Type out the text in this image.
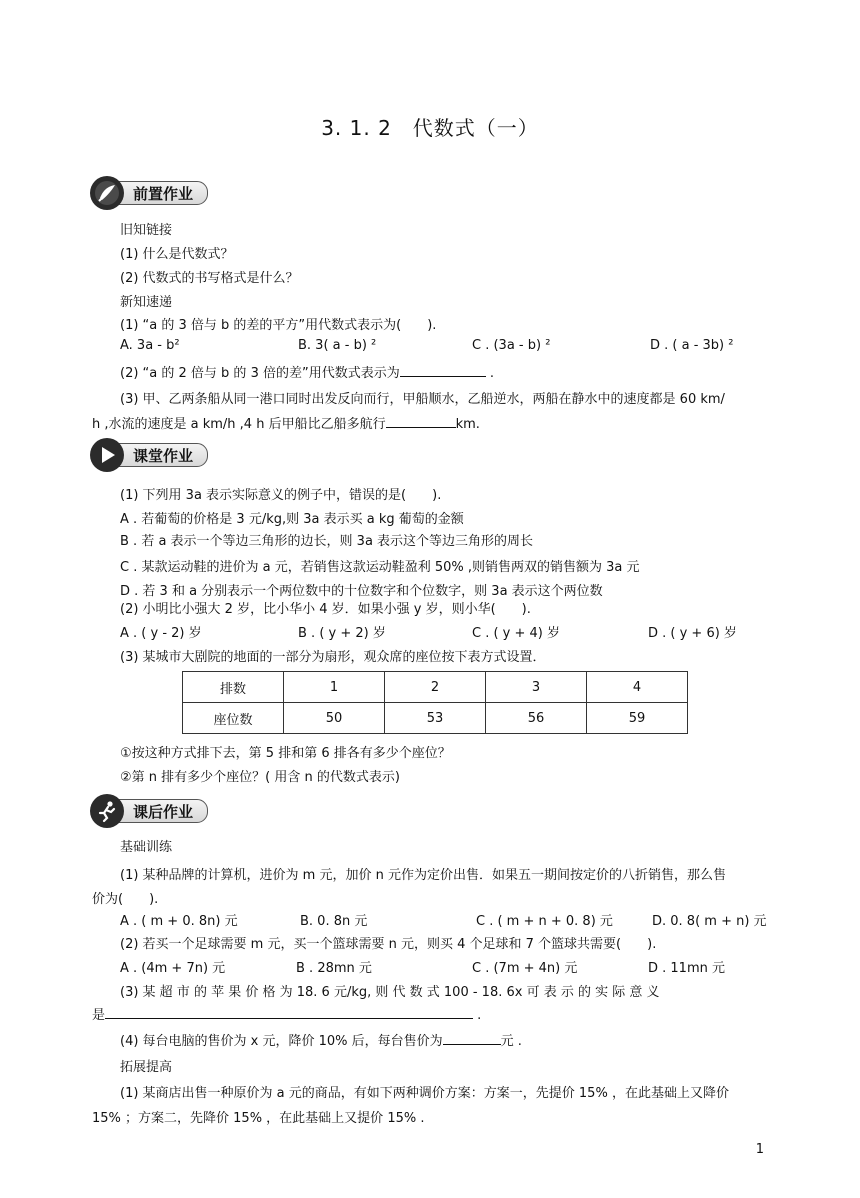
3. 1. 2　代数式（一）
前置作业
旧知链接
(1) 什么是代数式？
(2) 代数式的书写格式是什么？
新知速递
(1) “a 的 3 倍与 b 的差的平方”用代数式表示为(　　).
A. 3a - b²	B. 3( a - b) ²	C . (3a - b) ²	D . ( a - 3b) ²
(2) “a 的 2 倍与 b 的 3 倍的差”用代数式表示为	.
(3) 甲、乙两条船从同一港口同时出发反向而行，甲船顺水，乙船逆水，两船在静水中的速度都是 60 km/
h ,水流的速度是 a km/h ,4 h 后甲船比乙船多航行	km.
课堂作业
(1) 下列用 3a 表示实际意义的例子中，错误的是(　　).
A . 若葡萄的价格是 3 元/kg,则 3a 表示买 a kg 葡萄的金额
B . 若 a 表示一个等边三角形的边长，则 3a 表示这个等边三角形的周长
C . 某款运动鞋的进价为 a 元，若销售这款运动鞋盈利 50% ,则销售两双的销售额为 3a 元
D . 若 3 和 a 分别表示一个两位数中的十位数字和个位数字，则 3a 表示这个两位数
(2) 小明比小强大 2 岁，比小华小 4 岁．如果小强 y 岁，则小华(　　).
A . ( y - 2) 岁	B . ( y + 2) 岁	C . ( y + 4) 岁	D . ( y + 6) 岁
(3) 某城市大剧院的地面的一部分为扇形，观众席的座位按下表方式设置．
排数	1	2	3	4
座位数	50	53	56	59
①按这种方式排下去，第 5 排和第 6 排各有多少个座位？
②第 n 排有多少个座位？( 用含 n 的代数式表示)
课后作业
基础训练
(1) 某种品牌的计算机，进价为 m 元，加价 n 元作为定价出售．如果五一期间按定价的八折销售，那么售
价为(　　).
A . ( m + 0. 8n) 元	B. 0. 8n 元	C . ( m + n + 0. 8) 元	D. 0. 8( m + n) 元
(2) 若买一个足球需要 m 元，买一个篮球需要 n 元，则买 4 个足球和 7 个篮球共需要(　　).
A . (4m + 7n) 元	B . 28mn 元	C . (7m + 4n) 元	D . 11mn 元
(3) 某 超 市 的 苹 果 价 格 为 18. 6 元/kg, 则 代 数 式 100 - 18. 6x 可 表 示 的 实 际 意 义
是	.
(4) 每台电脑的售价为 x 元，降价 10% 后，每台售价为	元 .
拓展提高
(1) 某商店出售一种原价为 a 元的商品，有如下两种调价方案：方案一，先提价 15% ，在此基础上又降价
15% ；方案二，先降价 15% ，在此基础上又提价 15% .
1
